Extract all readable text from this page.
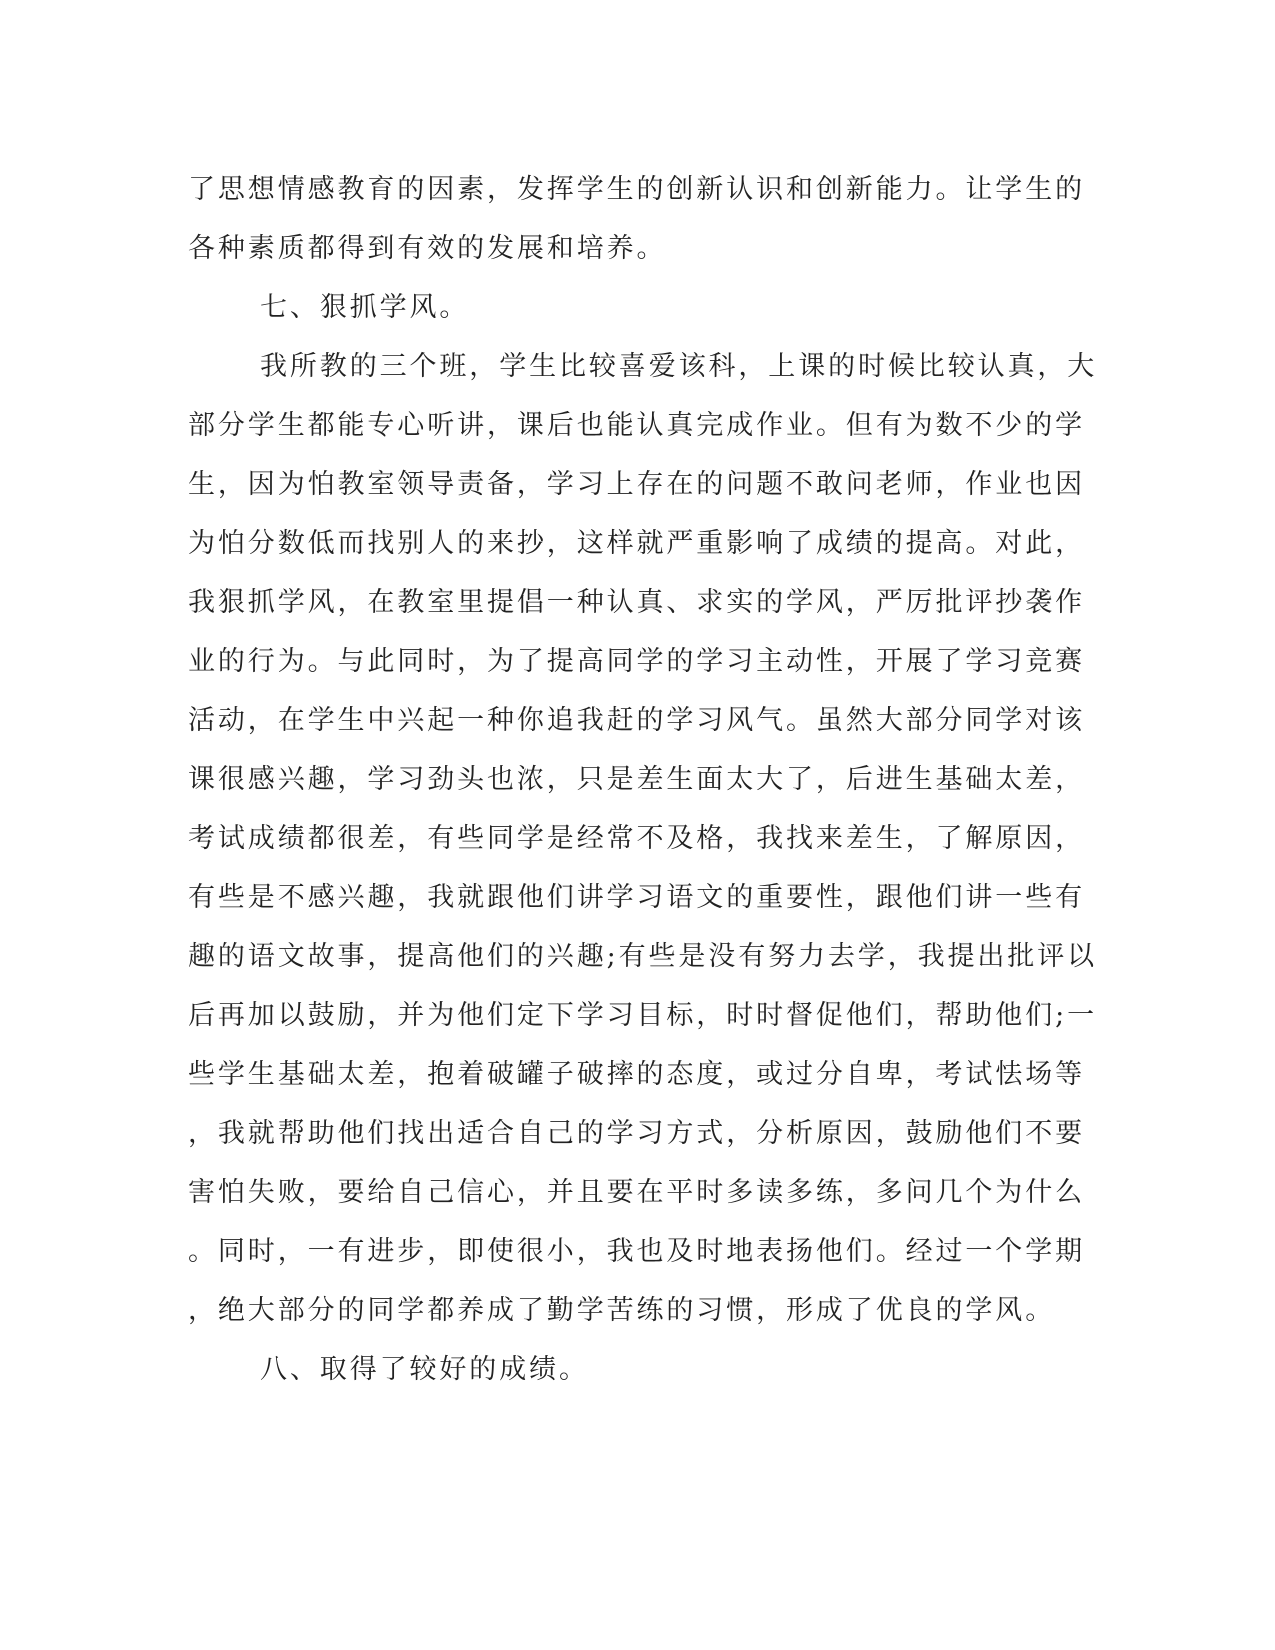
了思想情感教育的因素，发挥学生的创新认识和创新能力。让学生的

各种素质都得到有效的发展和培养。

七、狠抓学风。

我所教的三个班，学生比较喜爱该科，上课的时候比较认真，大

部分学生都能专心听讲，课后也能认真完成作业。但有为数不少的学

生，因为怕教室领导责备，学习上存在的问题不敢问老师，作业也因

为怕分数低而找别人的来抄，这样就严重影响了成绩的提高。对此，

我狠抓学风，在教室里提倡一种认真、求实的学风，严厉批评抄袭作

业的行为。与此同时，为了提高同学的学习主动性，开展了学习竞赛

活动，在学生中兴起一种你追我赶的学习风气。虽然大部分同学对该

课很感兴趣，学习劲头也浓，只是差生面太大了，后进生基础太差，

考试成绩都很差，有些同学是经常不及格，我找来差生，了解原因，

有些是不感兴趣，我就跟他们讲学习语文的重要性，跟他们讲一些有

趣的语文故事，提高他们的兴趣;有些是没有努力去学，我提出批评以

后再加以鼓励，并为他们定下学习目标，时时督促他们，帮助他们;一

些学生基础太差，抱着破罐子破摔的态度，或过分自卑，考试怯场等

，我就帮助他们找出适合自己的学习方式，分析原因，鼓励他们不要

害怕失败，要给自己信心，并且要在平时多读多练，多问几个为什么

。同时，一有进步，即使很小，我也及时地表扬他们。经过一个学期

，绝大部分的同学都养成了勤学苦练的习惯，形成了优良的学风。

八、取得了较好的成绩。
